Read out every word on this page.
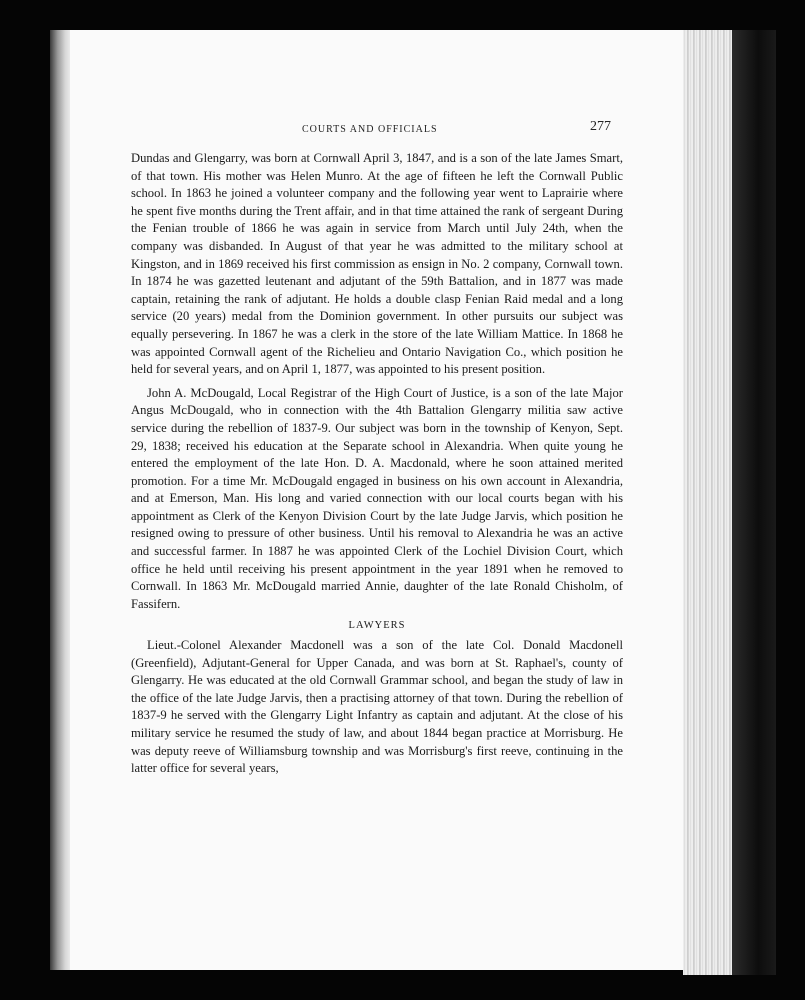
COURTS AND OFFICIALS	277

Dundas and Glengarry, was born at Cornwall April 3, 1847, and is a son of the late James Smart, of that town. His mother was Helen Munro. At the age of fifteen he left the Cornwall Public school. In 1863 he joined a volunteer company and the following year went to Laprairie where he spent five months during the Trent affair, and in that time attained the rank of sergeant During the Fenian trouble of 1866 he was again in service from March until July 24th, when the company was disbanded. In August of that year he was admitted to the military school at Kingston, and in 1869 received his first commission as ensign in No. 2 company, Cornwall town. In 1874 he was gazetted leutenant and adjutant of the 59th Battalion, and in 1877 was made captain, retaining the rank of adjutant. He holds a double clasp Fenian Raid medal and a long service (20 years) medal from the Dominion government. In other pursuits our subject was equally persevering. In 1867 he was a clerk in the store of the late William Mattice. In 1868 he was appointed Cornwall agent of the Richelieu and Ontario Navigation Co., which position he held for several years, and on April 1, 1877, was appointed to his present position.

John A. McDougald, Local Registrar of the High Court of Justice, is a son of the late Major Angus McDougald, who in connection with the 4th Battalion Glengarry militia saw active service during the rebellion of 1837-9. Our subject was born in the township of Kenyon, Sept. 29, 1838; received his education at the Separate school in Alexandria. When quite young he entered the employment of the late Hon. D. A. Macdonald, where he soon attained merited promotion. For a time Mr. McDougald engaged in business on his own account in Alexandria, and at Emerson, Man. His long and varied connection with our local courts began with his appointment as Clerk of the Kenyon Division Court by the late Judge Jarvis, which position he resigned owing to pressure of other business. Until his removal to Alexandria he was an active and successful farmer. In 1887 he was appointed Clerk of the Lochiel Division Court, which office he held until receiving his present appointment in the year 1891 when he removed to Cornwall. In 1863 Mr. McDougald married Annie, daughter of the late Ronald Chisholm, of Fassifern.

LAWYERS

Lieut.-Colonel Alexander Macdonell was a son of the late Col. Donald Macdonell (Greenfield), Adjutant-General for Upper Canada, and was born at St. Raphael's, county of Glengarry. He was educated at the old Cornwall Grammar school, and began the study of law in the office of the late Judge Jarvis, then a practising attorney of that town. During the rebellion of 1837-9 he served with the Glengarry Light Infantry as captain and adjutant. At the close of his military service he resumed the study of law, and about 1844 began practice at Morrisburg. He was deputy reeve of Williamsburg township and was Morrisburg's first reeve, continuing in the latter office for several years,
